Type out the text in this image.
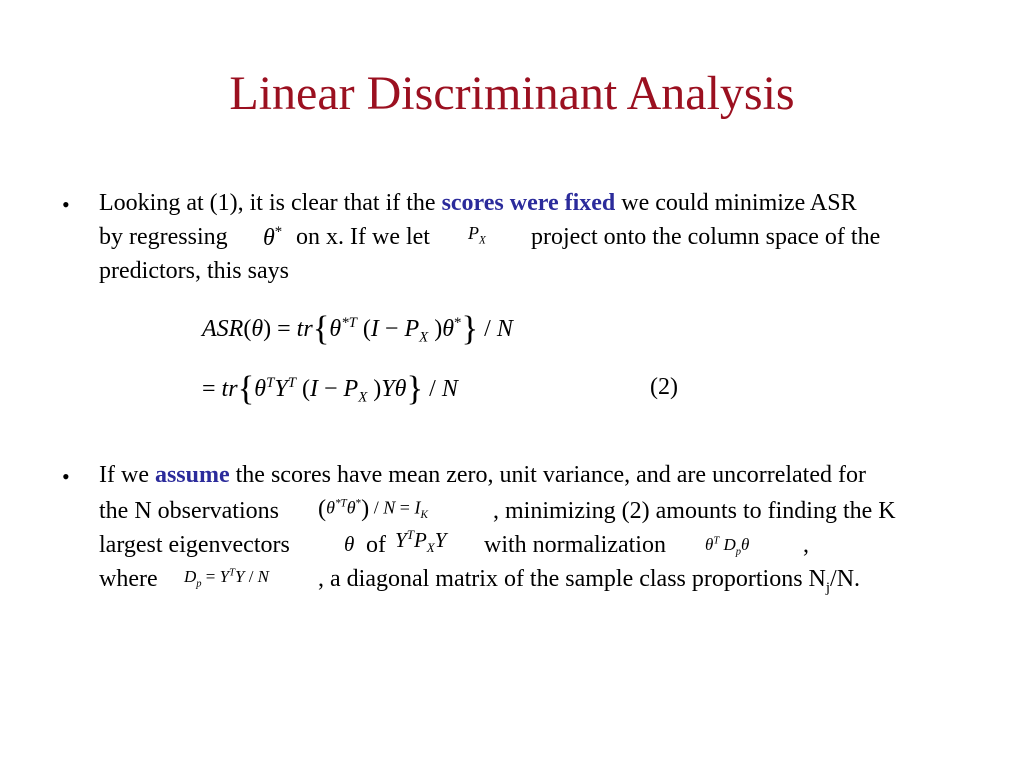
Linear Discriminant Analysis
• Looking at (1), it is clear that if the scores were fixed we could minimize ASR
by regressing θ* on x. If we let $P_X$ project onto the column space of the
predictors, this says
$ASR(\theta) = tr\{\theta^{*T}$ ($I - P_X$ )θ*} / N
= $tr\{\theta^TY^T$ ($I - P_X$ )Yθ} / N	(2)
• If we assume the scores have mean zero, unit variance, and are uncorrelated for
the N observations $(\theta^{*T}\theta^*) / N = I_K$	, minimizing (2) amounts to finding the K
largest eigenvectors	θ of $Y^TP_XY$ with normalization $\theta^T$ $D_p\theta$ ,
where $D_p = Y^TY / N$ , a diagonal matrix of the sample class proportions $N_j/N$.
